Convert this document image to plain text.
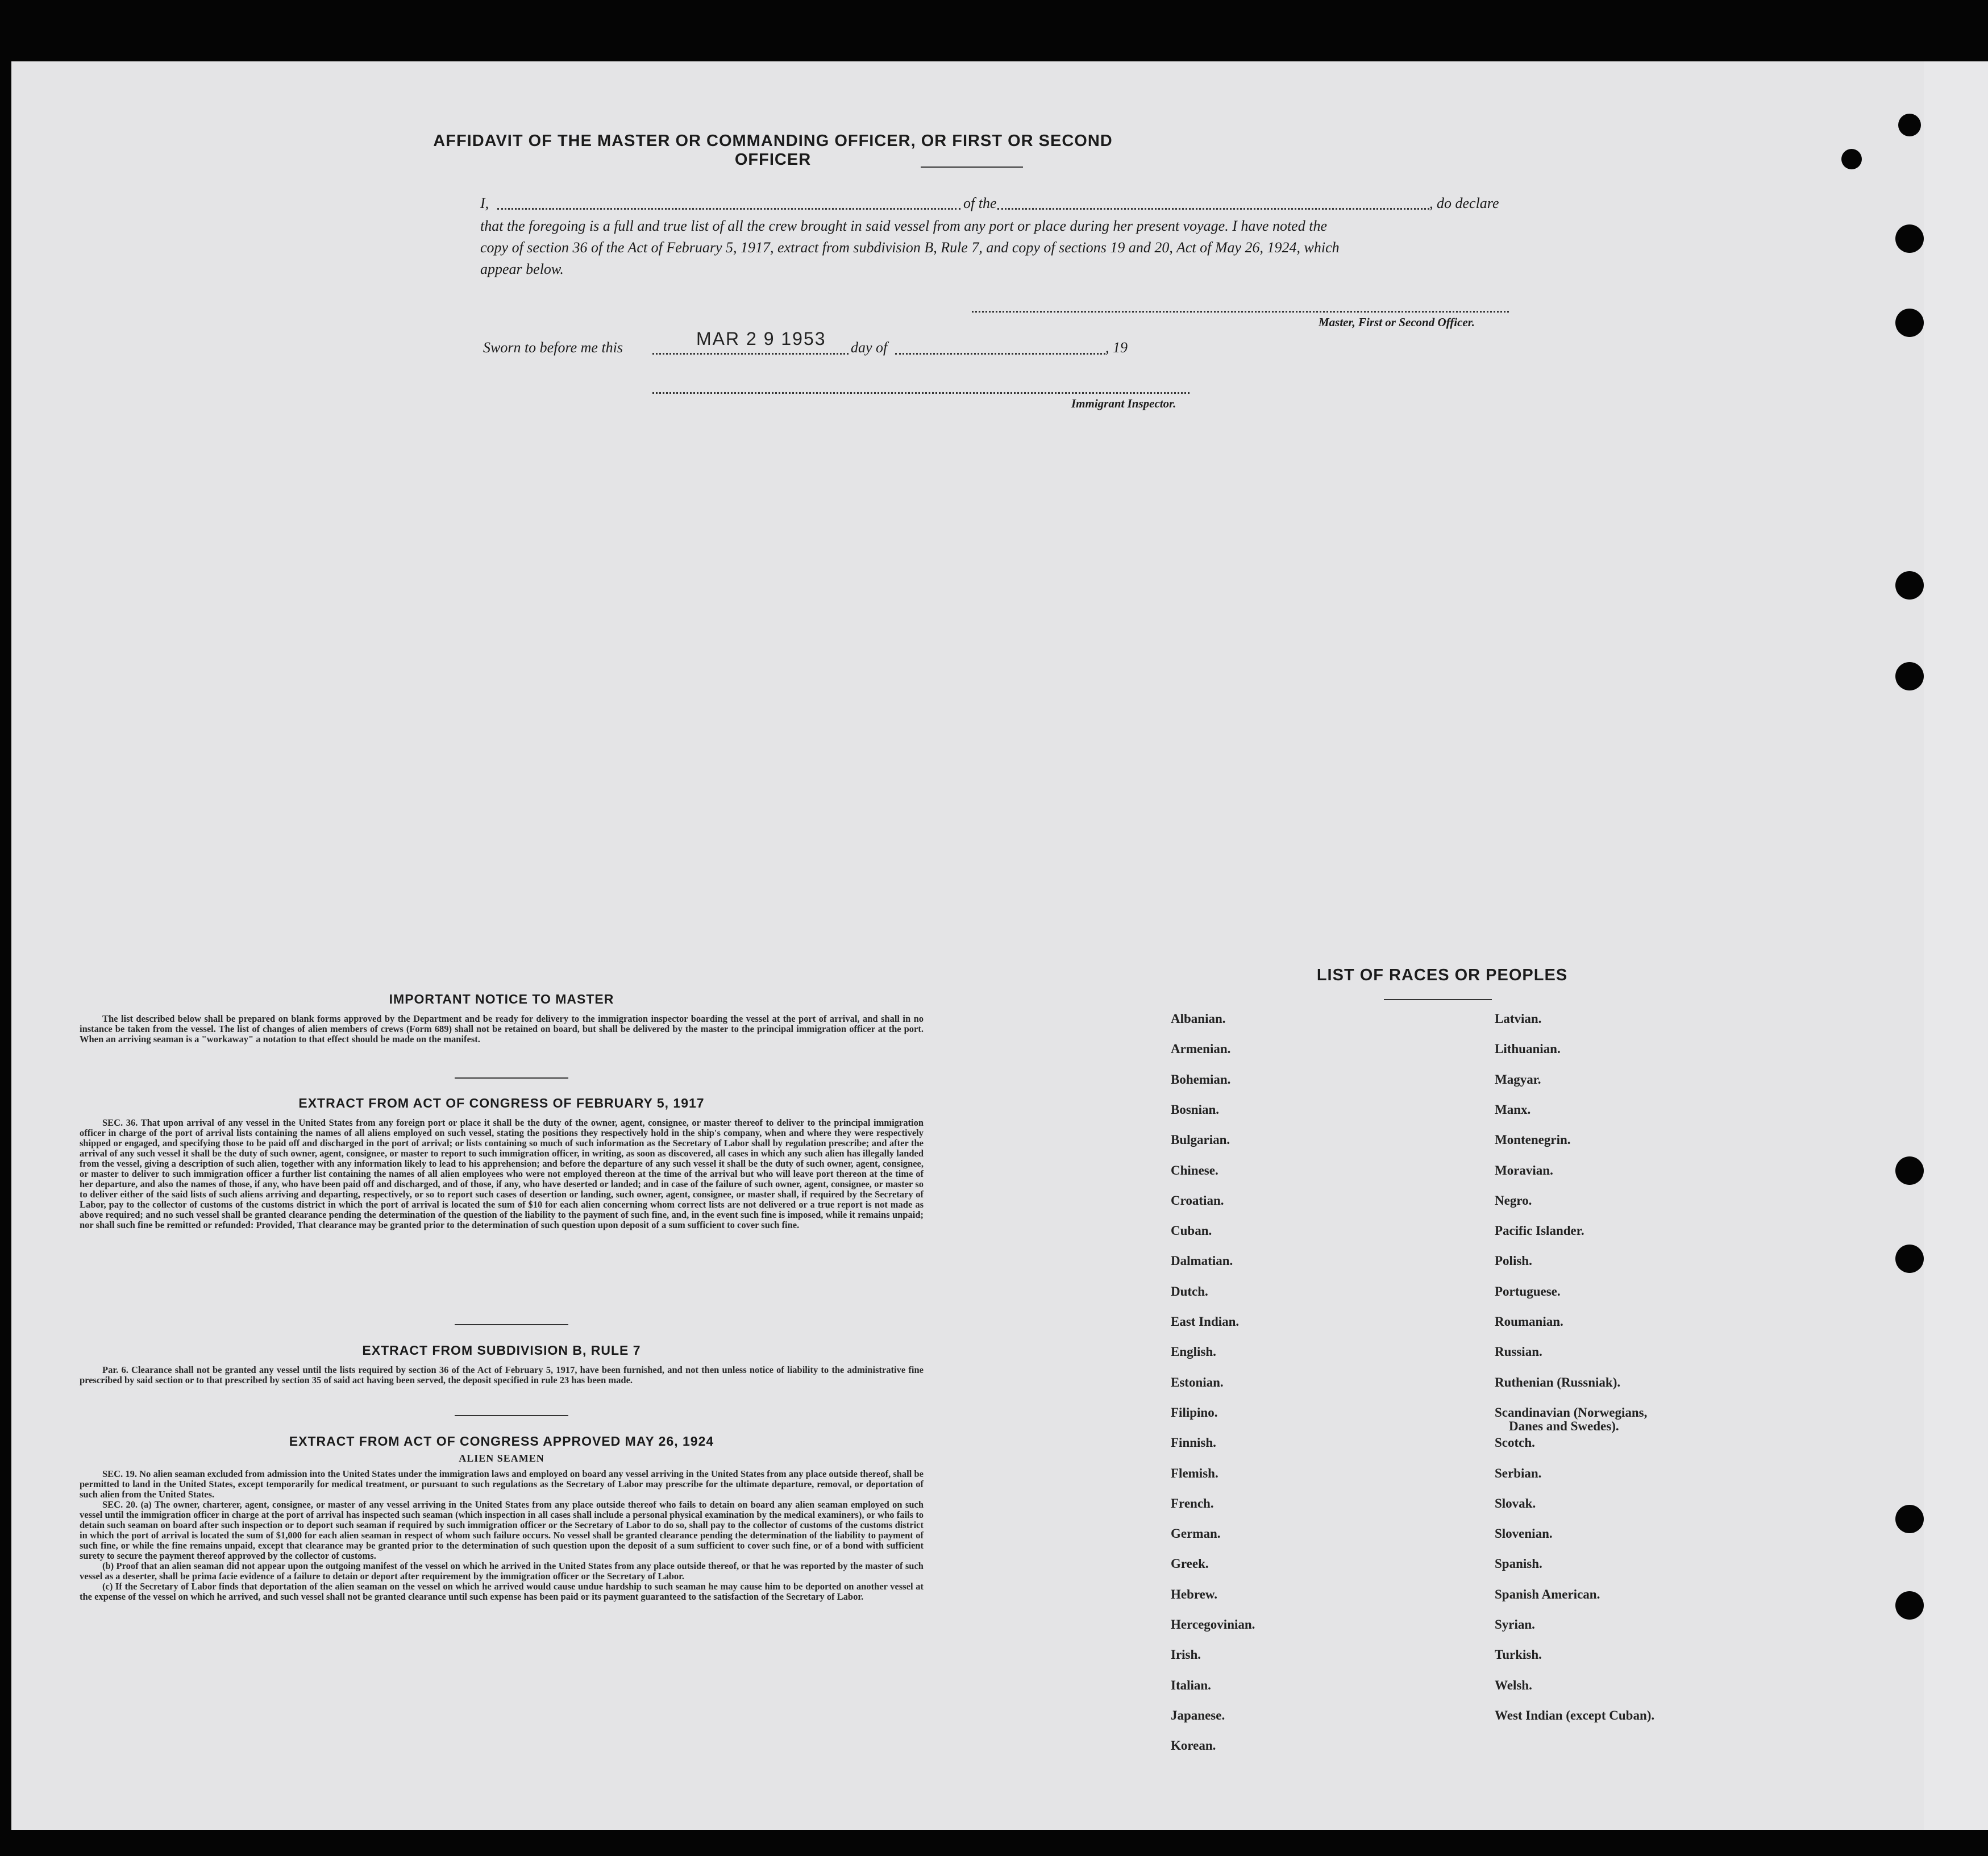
AFFIDAVIT OF THE MASTER OR COMMANDING OFFICER, OR FIRST OR SECOND OFFICER
I,	of the	, do declare
that the foregoing is a full and true list of all the crew brought in said vessel from any port or place during her present voyage. I have noted the
copy of section 36 of the Act of February 5, 1917, extract from subdivision B, Rule 7, and copy of sections 19 and 20, Act of May 26, 1924, which
appear below.
Master, First or Second Officer.
Sworn to before me this	MAR 2 9 1953 day of	, 19
Immigrant Inspector.
IMPORTANT NOTICE TO MASTER

The list described below shall be prepared on blank forms approved by the Department and be ready for delivery to the immigration inspector boarding the vessel at the port of arrival, and shall in no instance be taken from the vessel. The list of changes of alien members of crews (Form 689) shall not be retained on board, but shall be delivered by the master to the principal immigration officer at the port. When an arriving seaman is a "workaway" a notation to that effect should be made on the manifest.

EXTRACT FROM ACT OF CONGRESS OF FEBRUARY 5, 1917

SEC. 36. That upon arrival of any vessel in the United States from any foreign port or place it shall be the duty of the owner, agent, consignee, or master thereof to deliver to the principal immigration officer in charge of the port of arrival lists containing the names of all aliens employed on such vessel, stating the positions they respectively hold in the ship's company, when and where they were respectively shipped or engaged, and specifying those to be paid off and discharged in the port of arrival; or lists containing so much of such information as the Secretary of Labor shall by regulation prescribe; and after the arrival of any such vessel it shall be the duty of such owner, agent, consignee, or master to report to such immigration officer, in writing, as soon as discovered, all cases in which any such alien has illegally landed from the vessel, giving a description of such alien, together with any information likely to lead to his apprehension; and before the departure of any such vessel it shall be the duty of such owner, agent, consignee, or master to deliver to such immigration officer a further list containing the names of all alien employees who were not employed thereon at the time of the arrival but who will leave port thereon at the time of her departure, and also the names of those, if any, who have been paid off and discharged, and of those, if any, who have deserted or landed; and in case of the failure of such owner, agent, consignee, or master so to deliver either of the said lists of such aliens arriving and departing, respectively, or so to report such cases of desertion or landing, such owner, agent, consignee, or master shall, if required by the Secretary of Labor, pay to the collector of customs of the customs district in which the port of arrival is located the sum of $10 for each alien concerning whom correct lists are not delivered or a true report is not made as above required; and no such vessel shall be granted clearance pending the determination of the question of the liability to the payment of such fine, and, in the event such fine is imposed, while it remains unpaid; nor shall such fine be remitted or refunded: Provided, That clearance may be granted prior to the determination of such question upon deposit of a sum sufficient to cover such fine.

EXTRACT FROM SUBDIVISION B, RULE 7

Par. 6. Clearance shall not be granted any vessel until the lists required by section 36 of the Act of February 5, 1917, have been furnished, and not then unless notice of liability to the administrative fine prescribed by said section or to that prescribed by section 35 of said act having been served, the deposit specified in rule 23 has been made.

EXTRACT FROM ACT OF CONGRESS APPROVED MAY 26, 1924
ALIEN SEAMEN

SEC. 19. No alien seaman excluded from admission into the United States under the immigration laws and employed on board any vessel arriving in the United States from any place outside thereof, shall be permitted to land in the United States, except temporarily for medical treatment, or pursuant to such regulations as the Secretary of Labor may prescribe for the ultimate departure, removal, or deportation of such alien from the United States.

SEC. 20. (a) The owner, charterer, agent, consignee, or master of any vessel arriving in the United States from any place outside thereof who fails to detain on board any alien seaman employed on such vessel until the immigration officer in charge at the port of arrival has inspected such seaman (which inspection in all cases shall include a personal physical examination by the medical examiners), or who fails to detain such seaman on board after such inspection or to deport such seaman if required by such immigration officer or the Secretary of Labor to do so, shall pay to the collector of customs of the customs district in which the port of arrival is located the sum of $1,000 for each alien seaman in respect of whom such failure occurs. No vessel shall be granted clearance pending the determination of the liability to payment of such fine, or while the fine remains unpaid, except that clearance may be granted prior to the determination of such question upon the deposit of a sum sufficient to cover such fine, or of a bond with sufficient surety to secure the payment thereof approved by the collector of customs.

(b) Proof that an alien seaman did not appear upon the outgoing manifest of the vessel on which he arrived in the United States from any place outside thereof, or that he was reported by the master of such vessel as a deserter, shall be prima facie evidence of a failure to detain or deport after requirement by the immigration officer or the Secretary of Labor.

(c) If the Secretary of Labor finds that deportation of the alien seaman on the vessel on which he arrived would cause undue hardship to such seaman he may cause him to be deported on another vessel at the expense of the vessel on which he arrived, and such vessel shall not be granted clearance until such expense has been paid or its payment guaranteed to the satisfaction of the Secretary of Labor.

LIST OF RACES OR PEOPLES
Albanian.
Armenian.
Bohemian.
Bosnian.
Bulgarian.
Chinese.
Croatian.
Cuban.
Dalmatian.
Dutch.
East Indian.
English.
Estonian.
Filipino.
Finnish.
Flemish.
French.
German.
Greek.
Hebrew.
Hercegovinian.
Irish.
Italian.
Japanese.
Korean.
Latvian.
Lithuanian.
Magyar.
Manx.
Montenegrin.
Moravian.
Negro.
Pacific Islander.
Polish.
Portuguese.
Roumanian.
Russian.
Ruthenian (Russniak).
Scandinavian (Norwegians,
Danes and Swedes).
Scotch.
Serbian.
Slovak.
Slovenian.
Spanish.
Spanish American.
Syrian.
Turkish.
Welsh.
West Indian (except Cuban).
